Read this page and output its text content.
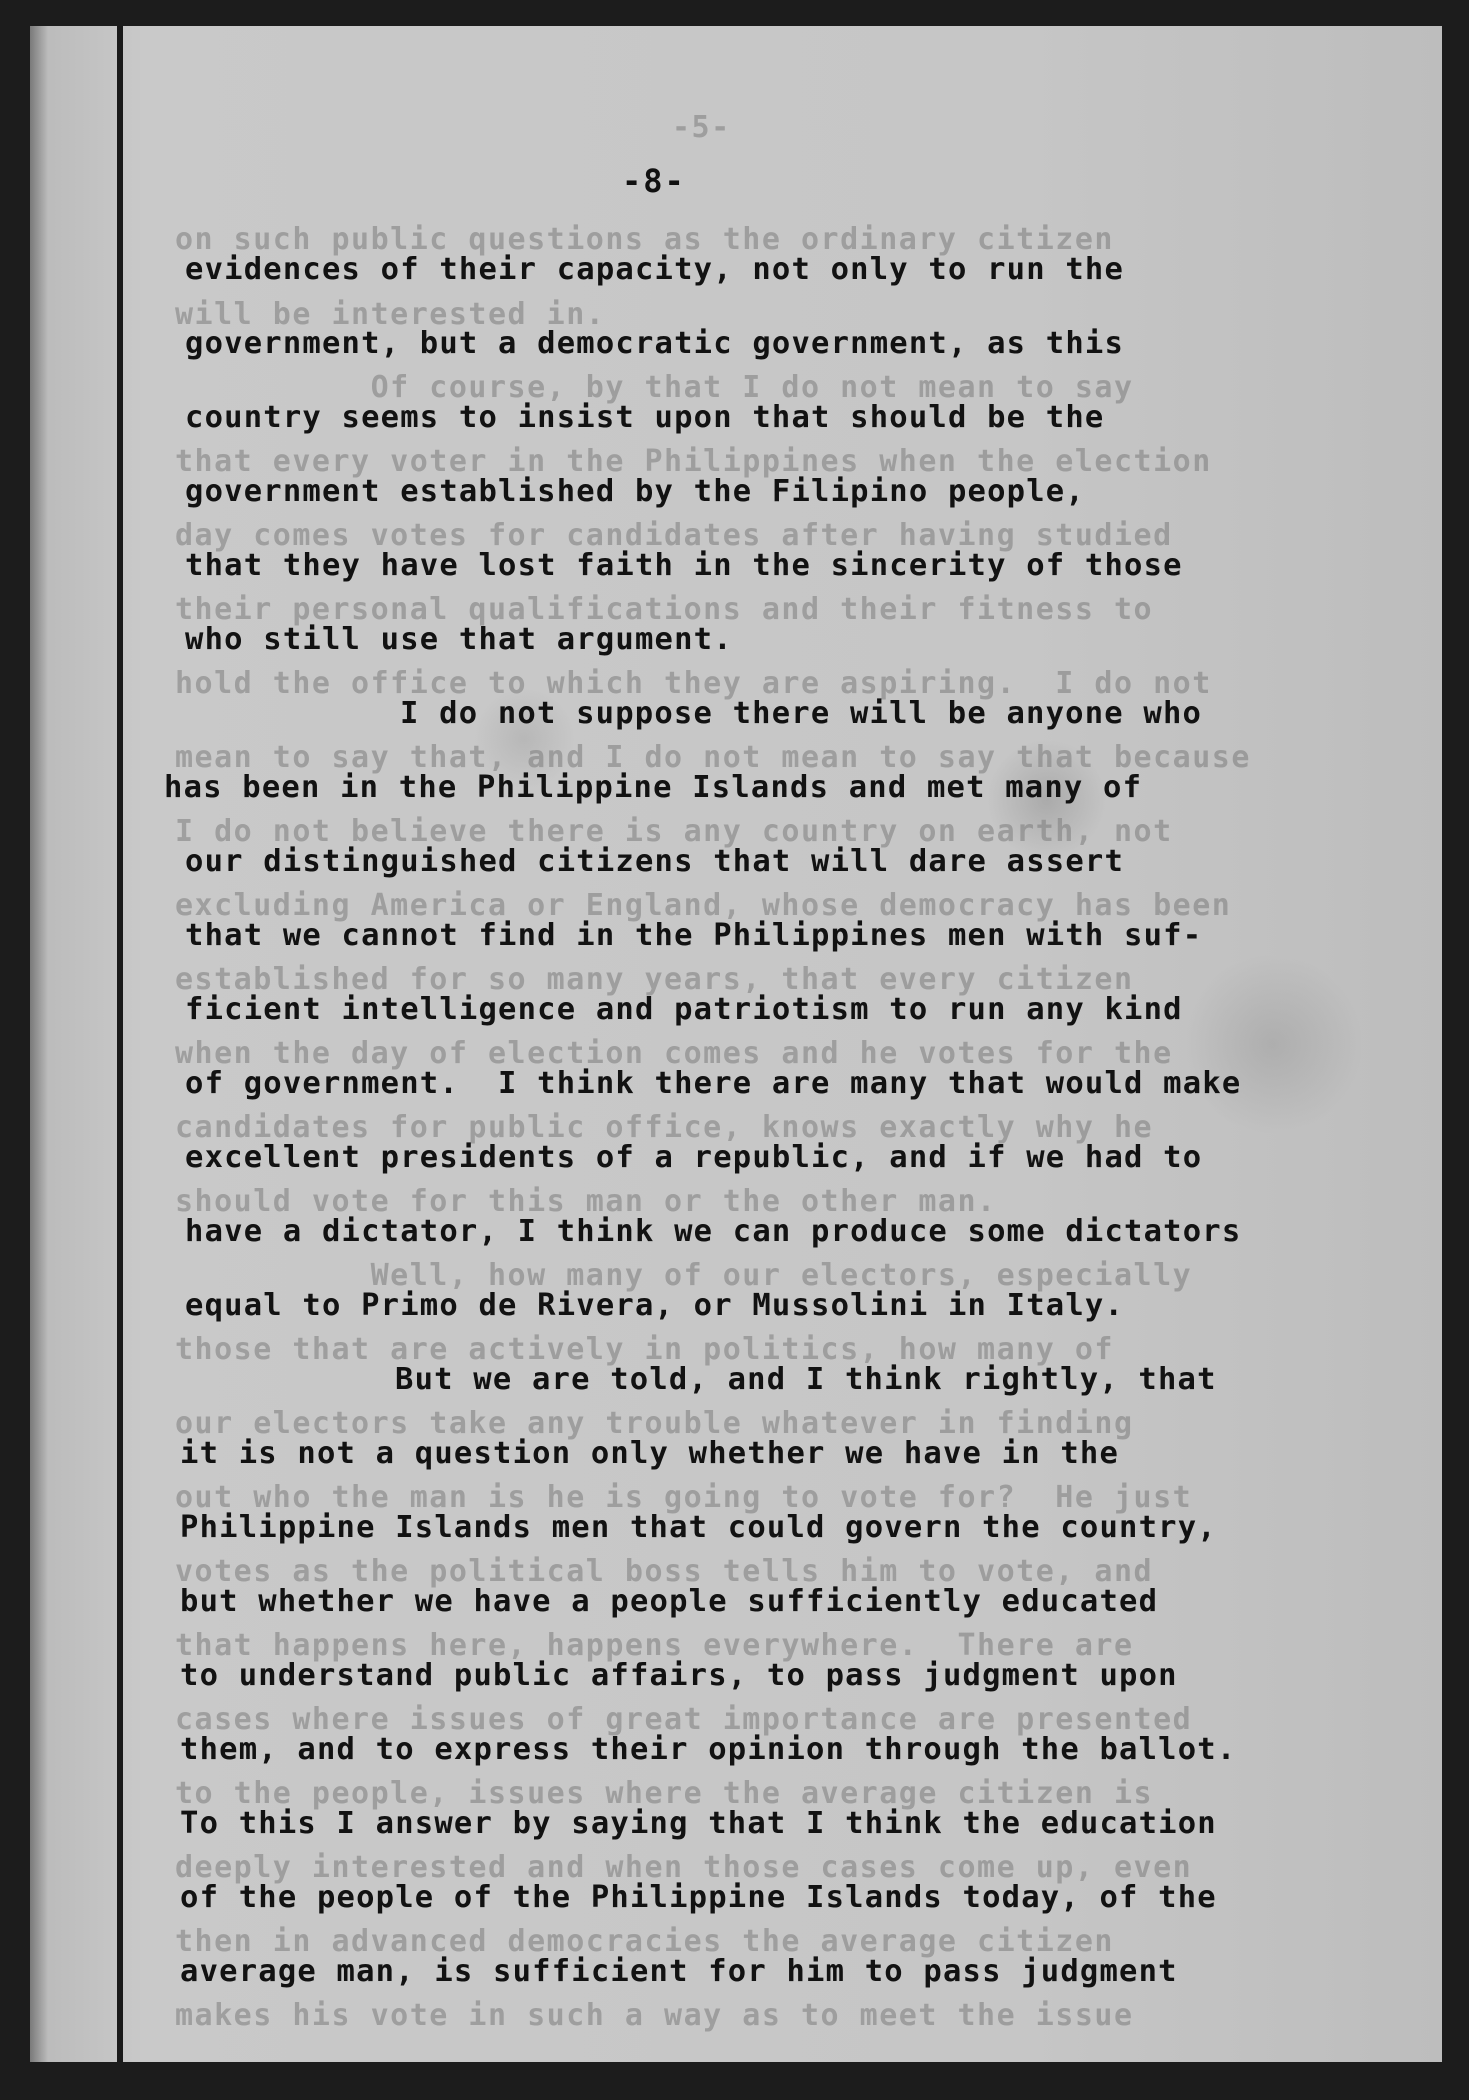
-5-
on such public questions as the ordinary citizen
will be interested in.
Of course, by that I do not mean to say
that every voter in the Philippines when the election
day comes votes for candidates after having studied
their personal qualifications and their fitness to
hold the office to which they are aspiring.  I do not
mean to say that, and I do not mean to say that because
I do not believe there is any country on earth, not
excluding America or England, whose democracy has been
established for so many years, that every citizen
when the day of election comes and he votes for the
candidates for public office, knows exactly why he
should vote for this man or the other man.
Well, how many of our electors, especially
those that are actively in politics, how many of
our electors take any trouble whatever in finding
out who the man is he is going to vote for?  He just
votes as the political boss tells him to vote, and
that happens here, happens everywhere.  There are
cases where issues of great importance are presented
to the people, issues where the average citizen is
deeply interested and when those cases come up, even
then in advanced democracies the average citizen
makes his vote in such a way as to meet the issue
-8-
evidences of their capacity, not only to run the
government, but a democratic government, as this
country seems to insist upon that should be the
government established by the Filipino people,
that they have lost faith in the sincerity of those
who still use that argument.
I do not suppose there will be anyone who
has been in the Philippine Islands and met many of
our distinguished citizens that will dare assert
that we cannot find in the Philippines men with suf-
ficient intelligence and patriotism to run any kind
of government.  I think there are many that would make
excellent presidents of a republic, and if we had to
have a dictator, I think we can produce some dictators
equal to Primo de Rivera, or Mussolini in Italy.
But we are told, and I think rightly, that
it is not a question only whether we have in the
Philippine Islands men that could govern the country,
but whether we have a people sufficiently educated
to understand public affairs, to pass judgment upon
them, and to express their opinion through the ballot.
To this I answer by saying that I think the education
of the people of the Philippine Islands today, of the
average man, is sufficient for him to pass judgment
